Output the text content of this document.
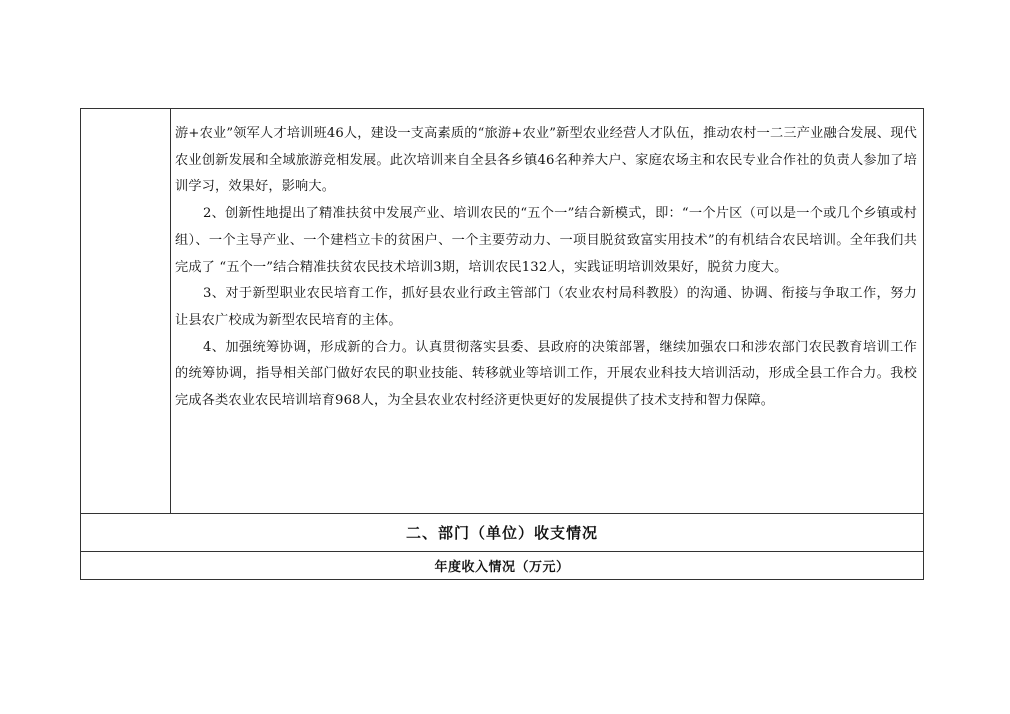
游+农业”领军人才培训班46人，建设一支高素质的“旅游+农业”新型农业经营人才队伍，推动农村一二三产业融合发展、现代农业创新发展和全域旅游竞相发展。此次培训来自全县各乡镇46名种养大户、家庭农场主和农民专业合作社的负责人参加了培训学习，效果好，影响大。

2、创新性地提出了精准扶贫中发展产业、培训农民的“五个一”结合新模式，即：“一个片区（可以是一个或几个乡镇或村组）、一个主导产业、一个建档立卡的贫困户、一个主要劳动力、一项目脱贫致富实用技术”的有机结合农民培训。全年我们共完成了 “五个一”结合精准扶贫农民技术培训3期，培训农民132人，实践证明培训效果好，脱贫力度大。

3、对于新型职业农民培育工作，抓好县农业行政主管部门（农业农村局科教股）的沟通、协调、衔接与争取工作，努力让县农广校成为新型农民培育的主体。

4、加强统筹协调，形成新的合力。认真贯彻落实县委、县政府的决策部署，继续加强农口和涉农部门农民教育培训工作的统筹协调，指导相关部门做好农民的职业技能、转移就业等培训工作，开展农业科技大培训活动，形成全县工作合力。我校完成各类农业农民培训培育968人，为全县农业农村经济更快更好的发展提供了技术支持和智力保障。

二、部门（单位）收支情况
年度收入情况（万元）
